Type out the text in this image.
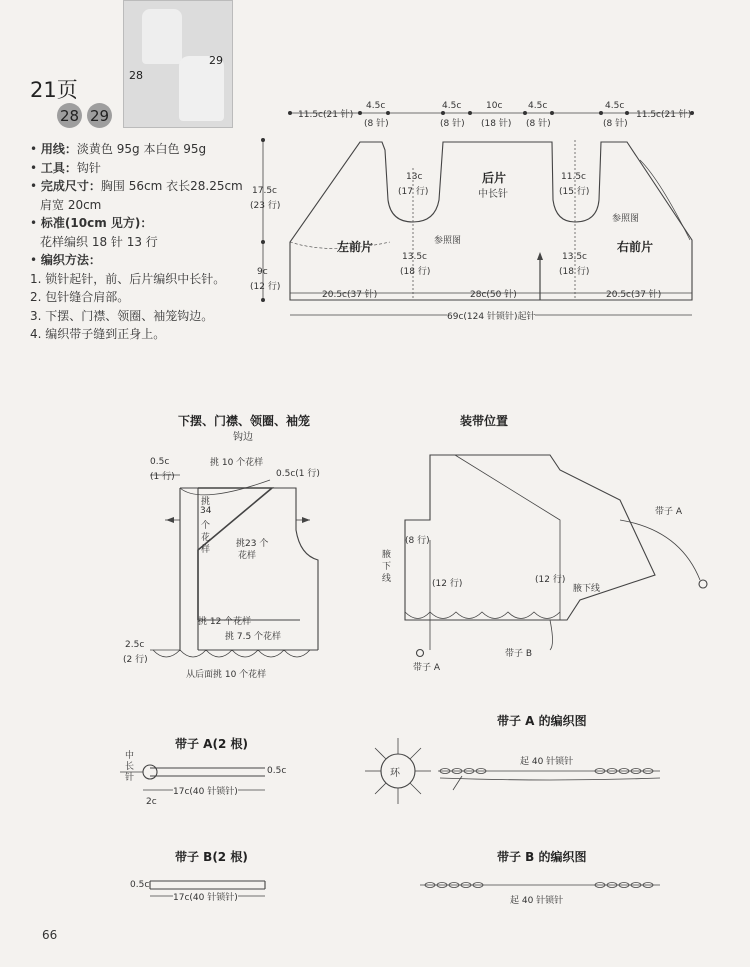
28
29
21页
28 29
• 用线：淡黄色 95g 本白色 95g
• 工具：钩针
• 完成尺寸：胸围 56cm 衣长28.25cm
肩宽 20cm
• 标准(10cm 见方)：
花样编织 18 针 13 行
• 编织方法：
1. 锁针起针，前、后片编织中长针。
2. 包针缝合肩部。
3. 下摆、门襟、领圈、袖笼钩边。
4. 编织带子缝到正身上。
11.5c(21 针)
4.5c
(8 针)
4.5c
(8 针)
10c
(18 针)
4.5c
(8 针)
4.5c
(8 针)
11.5c(21 针)
17.5c
(23 行)
9c
(12 行)
13c
(17 行)
后片
中长针
11.5c
(15 行)
参照图
参照图
左前片	右前片
13.5c
(18 行)
13.5c
(18 行)
20.5c(37 针)	28c(50 针)	20.5c(37 针)
69c(124 针锁针)起针
下摆、门襟、领圈、袖笼
钩边
0.5c
(1 行)
挑 10 个花样
0.5c(1 行)
挑
34
个
花
样
挑23 个
花样
挑 12 个花样
挑 7.5 个花样
2.5c
(2 行)
从后面挑 10 个花样
装带位置
带子 A
带子 A
带子 B
腋
下
线
腋下线
(8 行)
(12 行)	(12 行)
带子 A(2 根)
中
长
针
17c(40 针锁针)
0.5c
2c
带子 A 的编织图
环
起 40 针锁针
带子 B(2 根)
0.5c
17c(40 针锁针)
带子 B 的编织图
起 40 针锁针
66
